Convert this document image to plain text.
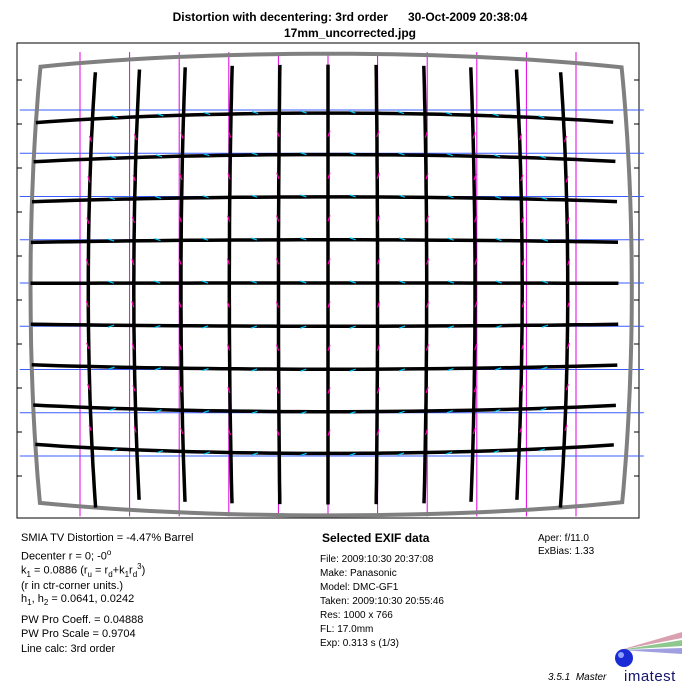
Distortion with decentering: 3rd order 30-Oct-2009 20:38:04
17mm_uncorrected.jpg
SMIA TV Distortion = -4.47% Barrel
Decenter r = 0; -0$^o$
$k_1 = 0.0886$ $(r_u = r_d+k_1r_d^3)$
(r in ctr-corner units.)
$h_1$, $h_2 = 0.0641$, 0.0242
PW Pro Coeff. = 0.04888
PW Pro Scale = 0.9704
Line calc: 3rd order
Selected EXIF data
File: 2009:10:30 20:37:08
Make: Panasonic
Model: DMC-GF1
Taken: 2009:10:30 20:55:46
Res: 1000 x 766
FL: 17.0mm
Exp: 0.313 s (1/3)
Aper: f/11.0
ExBias: 1.33
3.5.1 Master imatest
